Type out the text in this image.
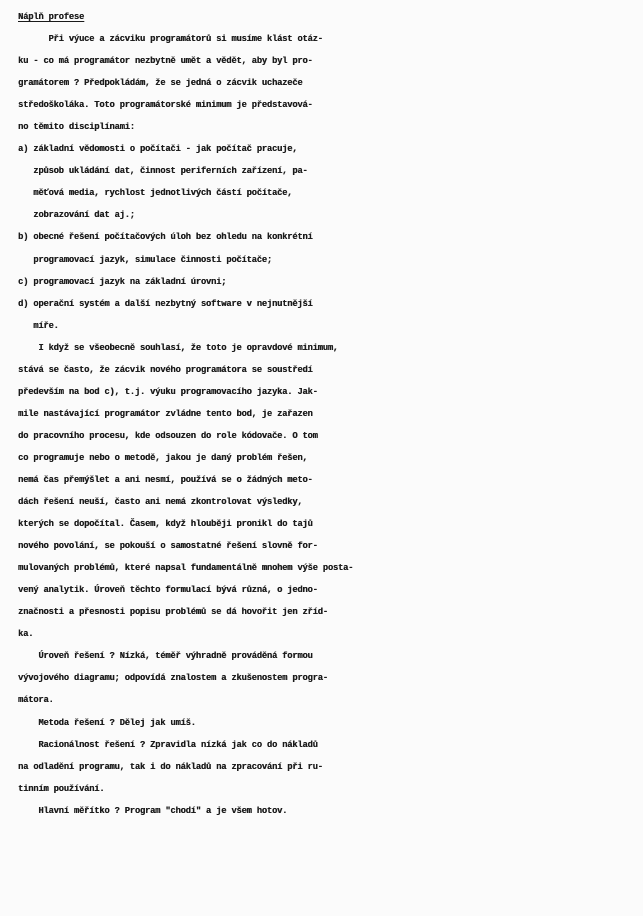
Náplň profese
Při výuce a zácviku programátorů si musíme klást otáz-
ku - co má programátor nezbytně umět a vědět, aby byl pro-
gramátorem ? Předpokládám, že se jedná o zácvik uchazeče
středoškoláka. Toto programátorské minimum je představová-
no těmito disciplínami:
a) základní vědomosti o počítači - jak počítač pracuje,
způsob ukládání dat, činnost periferních zařízení, pa-
měťová media, rychlost jednotlivých částí počítače,
zobrazování dat aj.;
b) obecné řešení počítačových úloh bez ohledu na konkrétní
programovací jazyk, simulace činnosti počítače;
c) programovací jazyk na základní úrovni;
d) operační systém a další nezbytný software v nejnutnější
míře.
I když se všeobecně souhlasí, že toto je opravdové minimum,
stává se často, že zácvik nového programátora se soustředí
především na bod c), t.j. výuku programovacího jazyka. Jak-
mile nastávající programátor zvládne tento bod, je zařazen
do pracovního procesu, kde odsouzen do role kódovače. O tom
co programuje nebo o metodě, jakou je daný problém řešen,
nemá čas přemýšlet a ani nesmí, používá se o žádných meto-
dách řešení neuší, často ani nemá zkontrolovat výsledky,
kterých se dopočítal. Časem, když hlouběji pronikl do tajů
nového povolání, se pokouší o samostatné řešení slovně for-
mulovaných problémů, které napsal fundamentálně mnohem výše posta-
vený analytik. Úroveň těchto formulací bývá různá, o jedno-
značnosti a přesnosti popisu problémů se dá hovořit jen zříd-
ka.
Úroveň řešení ? Nízká, téměř výhradně prováděná formou
vývojového diagramu; odpovídá znalostem a zkušenostem progra-
mátora.
Metoda řešení ? Dělej jak umíš.
Racionálnost řešení ? Zpravidla nízká jak co do nákladů
na odladění programu, tak i do nákladů na zpracování při ru-
tinním používání.
Hlavní měřítko ? Program "chodí" a je všem hotov.
